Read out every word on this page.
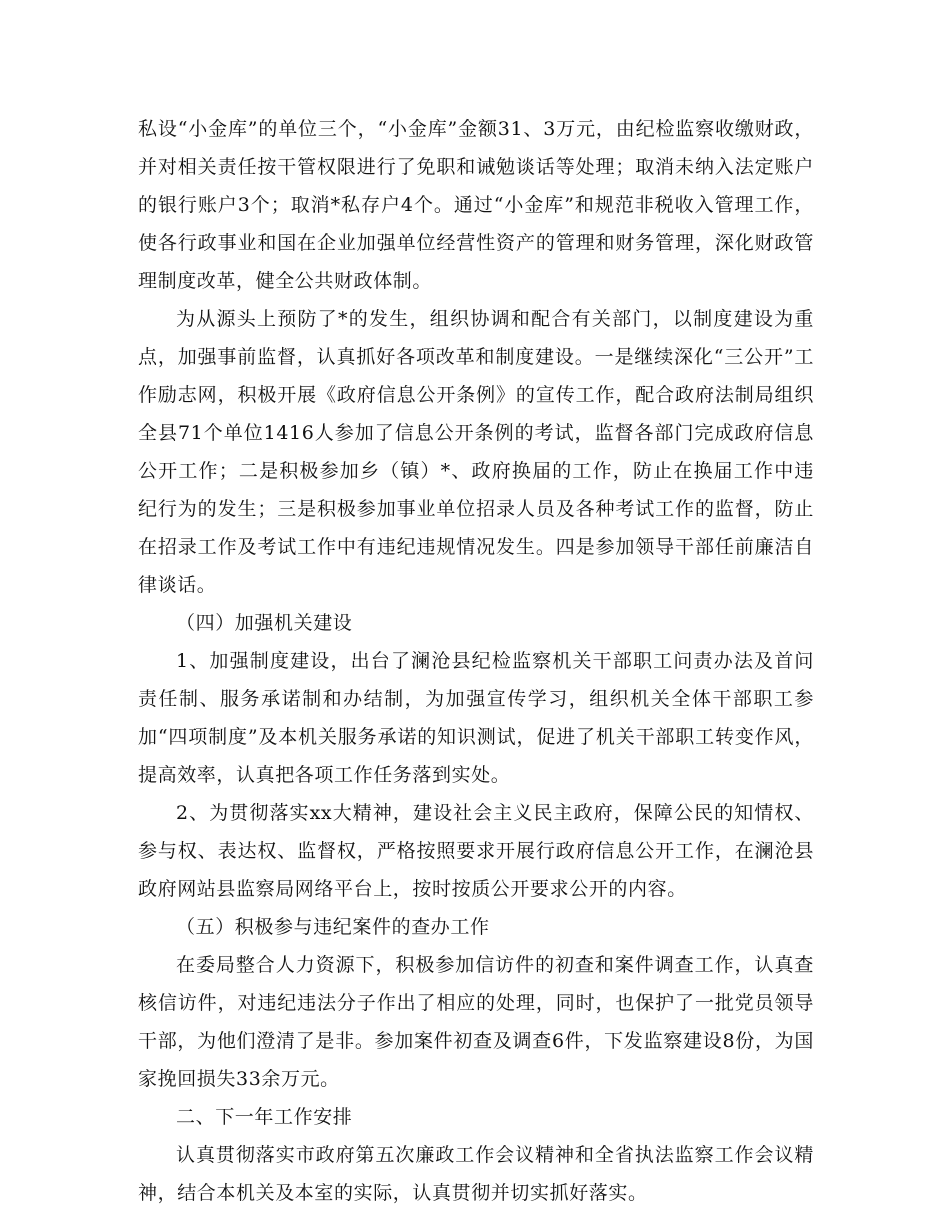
私设“小金库”的单位三个，“小金库”金额31、3万元，由纪检监察收缴财政，并对相关责任按干管权限进行了免职和诫勉谈话等处理；取消未纳入法定账户的银行账户3个；取消*私存户4个。通过“小金库”和规范非税收入管理工作，使各行政事业和国在企业加强单位经营性资产的管理和财务管理，深化财政管理制度改革，健全公共财政体制。

为从源头上预防了*的发生，组织协调和配合有关部门，以制度建设为重点，加强事前监督，认真抓好各项改革和制度建设。一是继续深化“三公开”工作励志网，积极开展《政府信息公开条例》的宣传工作，配合政府法制局组织全县71个单位1416人参加了信息公开条例的考试，监督各部门完成政府信息公开工作；二是积极参加乡（镇）*、政府换届的工作，防止在换届工作中违纪行为的发生；三是积极参加事业单位招录人员及各种考试工作的监督，防止在招录工作及考试工作中有违纪违规情况发生。四是参加领导干部任前廉洁自律谈话。

（四）加强机关建设

1、加强制度建设，出台了澜沧县纪检监察机关干部职工问责办法及首问责任制、服务承诺制和办结制，为加强宣传学习，组织机关全体干部职工参加“四项制度”及本机关服务承诺的知识测试，促进了机关干部职工转变作风，提高效率，认真把各项工作任务落到实处。

2、为贯彻落实xx大精神，建设社会主义民主政府，保障公民的知情权、参与权、表达权、监督权，严格按照要求开展行政府信息公开工作，在澜沧县政府网站县监察局网络平台上，按时按质公开要求公开的内容。

（五）积极参与违纪案件的查办工作

在委局整合人力资源下，积极参加信访件的初查和案件调查工作，认真查核信访件，对违纪违法分子作出了相应的处理，同时，也保护了一批党员领导干部，为他们澄清了是非。参加案件初查及调查6件，下发监察建设8份，为国家挽回损失33余万元。

二、下一年工作安排

认真贯彻落实市政府第五次廉政工作会议精神和全省执法监察工作会议精神，结合本机关及本室的实际，认真贯彻并切实抓好落实。
